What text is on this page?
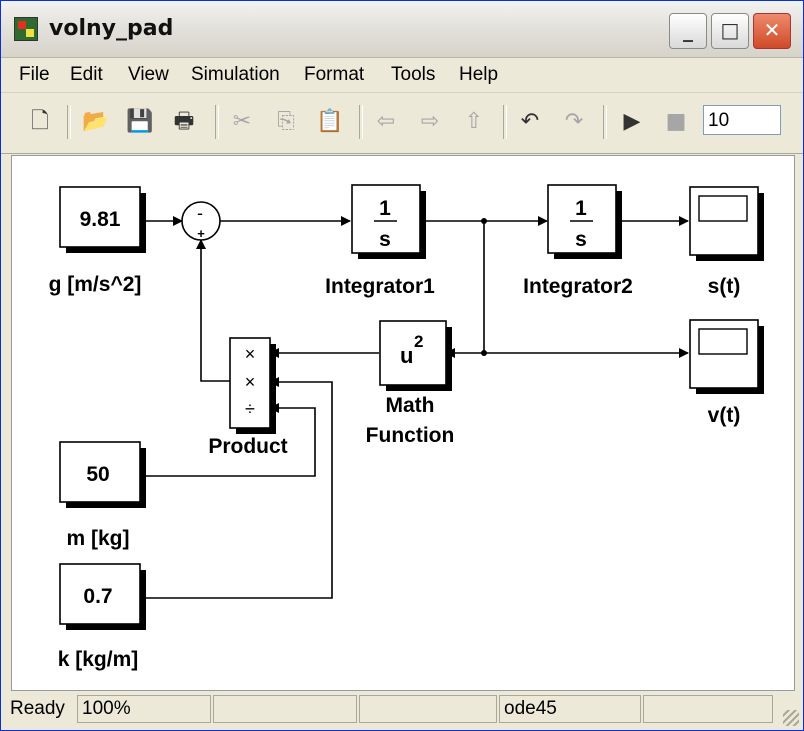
volny_pad	_	□	✕
File Edit View Simulation Format Tools Help
🗋 📂 💾 🖶 ✂ ⎘ 📋 ⇦ ⇨ ⇧ ↶ ↷ ▶ ■ 10
9.81
g [m/s^2]
-
+
1
s
Integrator1
1
s
Integrator2	s(t)
v(t)
u
2
Math
Function
×
×
÷
Product
50
m [kg]
0.7
k [kg/m]
Ready 100%	ode45
